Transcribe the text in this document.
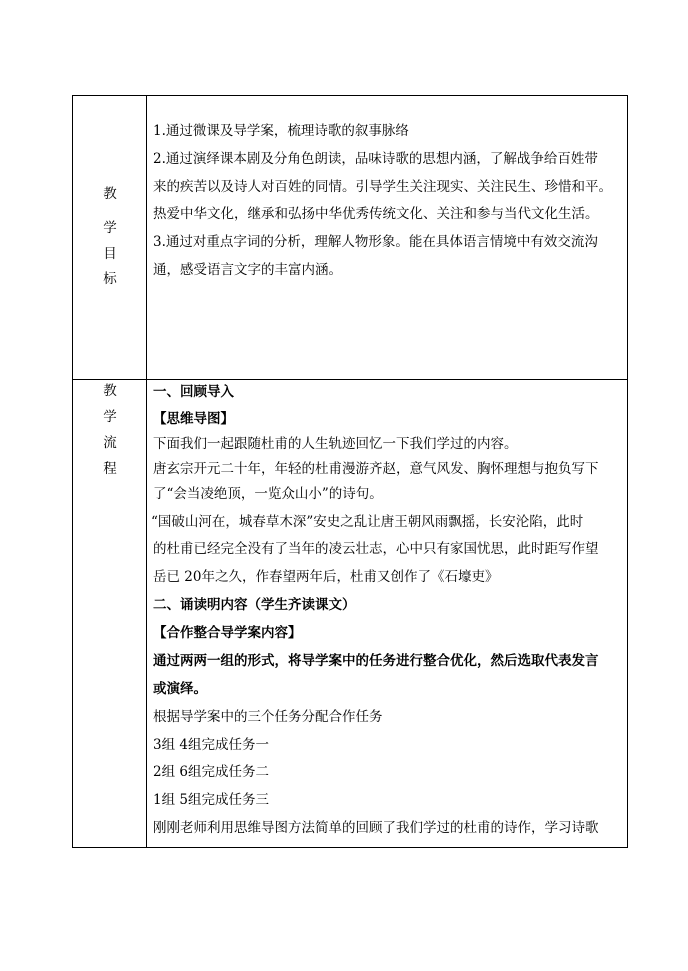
教
学
目
标
1.通过微课及导学案，梳理诗歌的叙事脉络
2.通过演绎课本剧及分角色朗读，品味诗歌的思想内涵，了解战争给百姓带
来的疾苦以及诗人对百姓的同情。引导学生关注现实、关注民生、珍惜和平。
热爱中华文化，继承和弘扬中华优秀传统文化、关注和参与当代文化生活。
3.通过对重点字词的分析，理解人物形象。能在具体语言情境中有效交流沟
通，感受语言文字的丰富内涵。
教
学
流
程
一、回顾导入
【思维导图】
下面我们一起跟随杜甫的人生轨迹回忆一下我们学过的内容。
唐玄宗开元二十年，年轻的杜甫漫游齐赵，意气风发、胸怀理想与抱负写下
了“会当凌绝顶，一览众山小”的诗句。
“国破山河在，城春草木深”安史之乱让唐王朝风雨飘摇，长安沦陷，此时
的杜甫已经完全没有了当年的凌云壮志，心中只有家国忧思，此时距写作望
岳已 20年之久，作春望两年后，杜甫又创作了《石壕吏》
二、诵读明内容（学生齐读课文）
【合作整合导学案内容】
通过两两一组的形式，将导学案中的任务进行整合优化，然后选取代表发言
或演绎。
根据导学案中的三个任务分配合作任务
3组 4组完成任务一
2组 6组完成任务二
1组 5组完成任务三
刚刚老师利用思维导图方法简单的回顾了我们学过的杜甫的诗作，学习诗歌
